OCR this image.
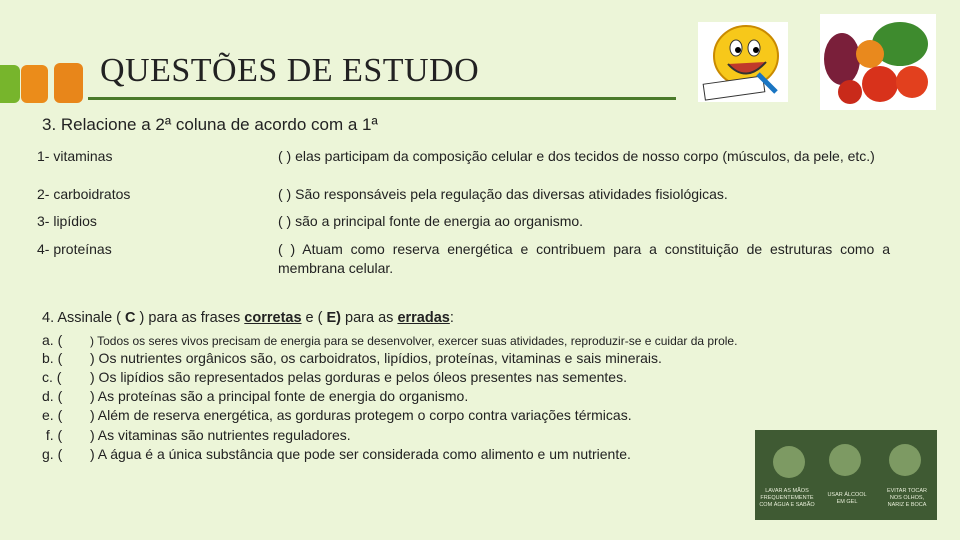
QUESTÕES DE ESTUDO
3. Relacione a 2ª coluna de acordo com a 1ª
1- vitaminas
2- carboidratos
3- lipídios
4- proteínas
( ) elas participam da composição celular e dos tecidos de nosso corpo (músculos, da pele, etc.)
( ) São responsáveis pela regulação das diversas atividades fisiológicas.
( ) são a principal fonte de energia ao organismo.
( ) Atuam como reserva energética e contribuem para a constituição de estruturas como a membrana celular.
4. Assinale ( C ) para as frases corretas e ( E) para as erradas:
a. ( ) Todos os seres vivos precisam de energia para se desenvolver, exercer suas atividades, reproduzir-se e cuidar da prole.
b. ( ) Os nutrientes orgânicos são, os carboidratos, lipídios, proteínas, vitaminas e sais minerais.
c. ( ) Os lipídios são representados pelas gorduras e pelos óleos presentes nas sementes.
d. ( ) As proteínas são a principal fonte de energia do organismo.
e. ( ) Além de reserva energética, as gorduras protegem o corpo contra variações térmicas.
f. ( ) As vitaminas são nutrientes reguladores.
g. ( ) A água é a única substância que pode ser considerada como alimento e um nutriente.
LAVAR AS MÃOS
FREQUENTEMENTE
COM ÁGUA E SABÃO
USAR ÁLCOOL
EM GEL
EVITAR TOCAR
NOS OLHOS,
NARIZ E BOCA
